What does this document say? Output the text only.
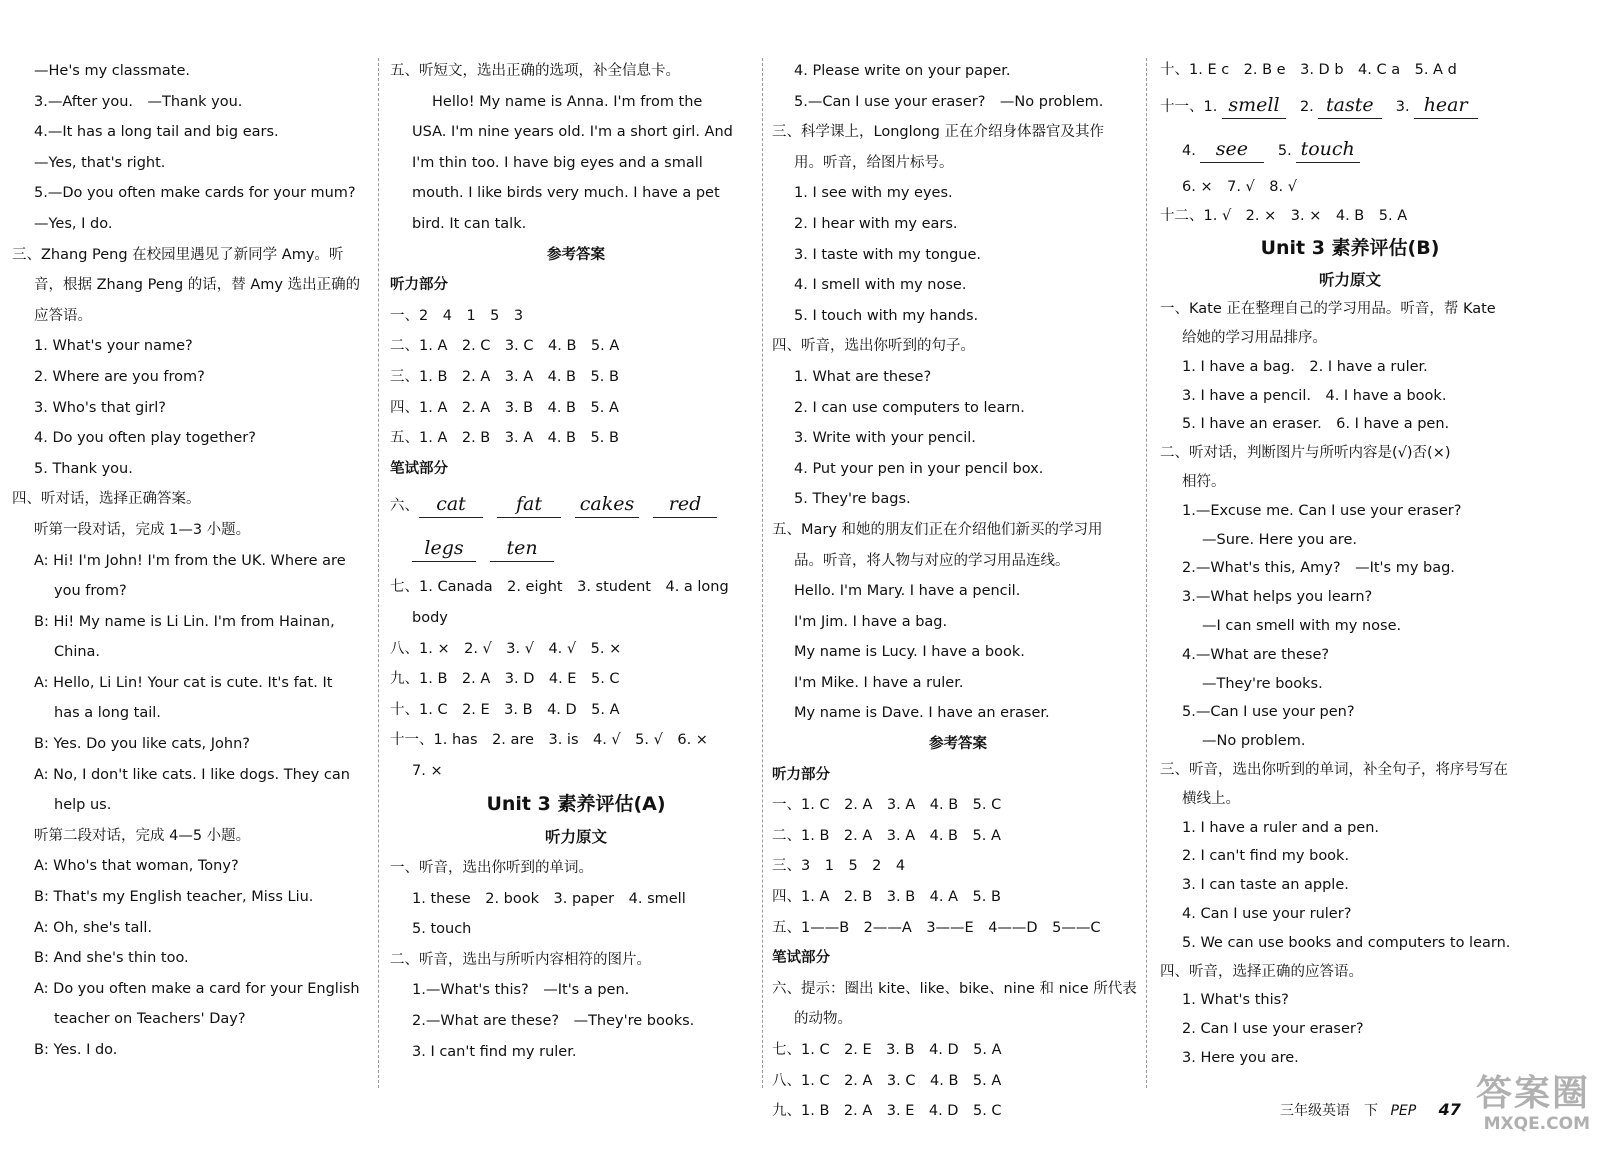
—He's my classmate.
3.—After you.　—Thank you.
4.—It has a long tail and big ears.
—Yes, that's right.
5.—Do you often make cards for your mum?
—Yes, I do.
三、Zhang Peng 在校园里遇见了新同学 Amy。听
音，根据 Zhang Peng 的话，替 Amy 选出正确的
应答语。
1. What's your name?
2. Where are you from?
3. Who's that girl?
4. Do you often play together?
5. Thank you.
四、听对话，选择正确答案。
听第一段对话，完成 1—3 小题。
A: Hi! I'm John! I'm from the UK. Where are
you from?
B: Hi! My name is Li Lin. I'm from Hainan,
China.
A: Hello, Li Lin! Your cat is cute. It's fat. It
has a long tail.
B: Yes. Do you like cats, John?
A: No, I don't like cats. I like dogs. They can
help us.
听第二段对话，完成 4—5 小题。
A: Who's that woman, Tony?
B: That's my English teacher, Miss Liu.
A: Oh, she's tall.
B: And she's thin too.
A: Do you often make a card for your English
teacher on Teachers' Day?
B: Yes. I do.
五、听短文，选出正确的选项，补全信息卡。
Hello! My name is Anna. I'm from the
USA. I'm nine years old. I'm a short girl. And
I'm thin too. I have big eyes and a small
mouth. I like birds very much. I have a pet
bird. It can talk.
参考答案
听力部分
一、2　4　1　5　3
二、1. A　2. C　3. C　4. B　5. A
三、1. B　2. A　3. A　4. B　5. B
四、1. A　2. A　3. B　4. B　5. A
五、1. A　2. B　3. A　4. B　5. B
笔试部分
六、 cat	fat cakes red
legs ten
七、1. Canada　2. eight　3. student　4. a long
body
八、1. ×　2. √　3. √　4. √　5. ×
九、1. B　2. A　3. D　4. E　5. C
十、1. C　2. E　3. B　4. D　5. A
十一、1. has　2. are　3. is　4. √　5. √　6. ×
7. ×
Unit 3 素养评估(A)
听力原文
一、听音，选出你听到的单词。
1. these　2. book　3. paper　4. smell
5. touch
二、听音，选出与所听内容相符的图片。
1.—What's this?　—It's a pen.
2.—What are these?　—They're books.
3. I can't find my ruler.
4. Please write on your paper.
5.—Can I use your eraser?　—No problem.
三、科学课上，Longlong 正在介绍身体器官及其作
用。听音，给图片标号。
1. I see with my eyes.
2. I hear with my ears.
3. I taste with my tongue.
4. I smell with my nose.
5. I touch with my hands.
四、听音，选出你听到的句子。
1. What are these?
2. I can use computers to learn.
3. Write with your pencil.
4. Put your pen in your pencil box.
5. They're bags.
五、Mary 和她的朋友们正在介绍他们新买的学习用
品。听音，将人物与对应的学习用品连线。
Hello. I'm Mary. I have a pencil.
I'm Jim. I have a bag.
My name is Lucy. I have a book.
I'm Mike. I have a ruler.
My name is Dave. I have an eraser.
参考答案
听力部分
一、1. C　2. A　3. A　4. B　5. C
二、1. B　2. A　3. A　4. B　5. A
三、3　1　5　2　4
四、1. A　2. B　3. B　4. A　5. B
五、1——B　2——A　3——E　4——D　5——C
笔试部分
六、提示：圈出 kite、like、bike、nine 和 nice 所代表
的动物。
七、1. C　2. E　3. B　4. D　5. A
八、1. C　2. A　3. C　4. B　5. A
九、1. B　2. A　3. E　4. D　5. C
十、1. E c　2. B e　3. D b　4. C a　5. A d
十一、1. smell 2. taste 3. hear
4. see 5. touch
6. ×　7. √　8. √
十二、1. √　2. ×　3. ×　4. B　5. A
Unit 3 素养评估(B)
听力原文
一、Kate 正在整理自己的学习用品。听音，帮 Kate
给她的学习用品排序。
1. I have a bag.　2. I have a ruler.
3. I have a pencil.　4. I have a book.
5. I have an eraser.　6. I have a pen.
二、听对话，判断图片与所听内容是(√)否(×)
相符。
1.—Excuse me. Can I use your eraser?
—Sure. Here you are.
2.—What's this, Amy?　—It's my bag.
3.—What helps you learn?
—I can smell with my nose.
4.—What are these?
—They're books.
5.—Can I use your pen?
—No problem.
三、听音，选出你听到的单词，补全句子，将序号写在
横线上。
1. I have a ruler and a pen.
2. I can't find my book.
3. I can taste an apple.
4. Can I use your ruler?
5. We can use books and computers to learn.
四、听音，选择正确的应答语。
1. What's this?
2. Can I use your eraser?
3. Here you are.
三年级英语　下 PEP 47 答案圈
MXQE.COM
